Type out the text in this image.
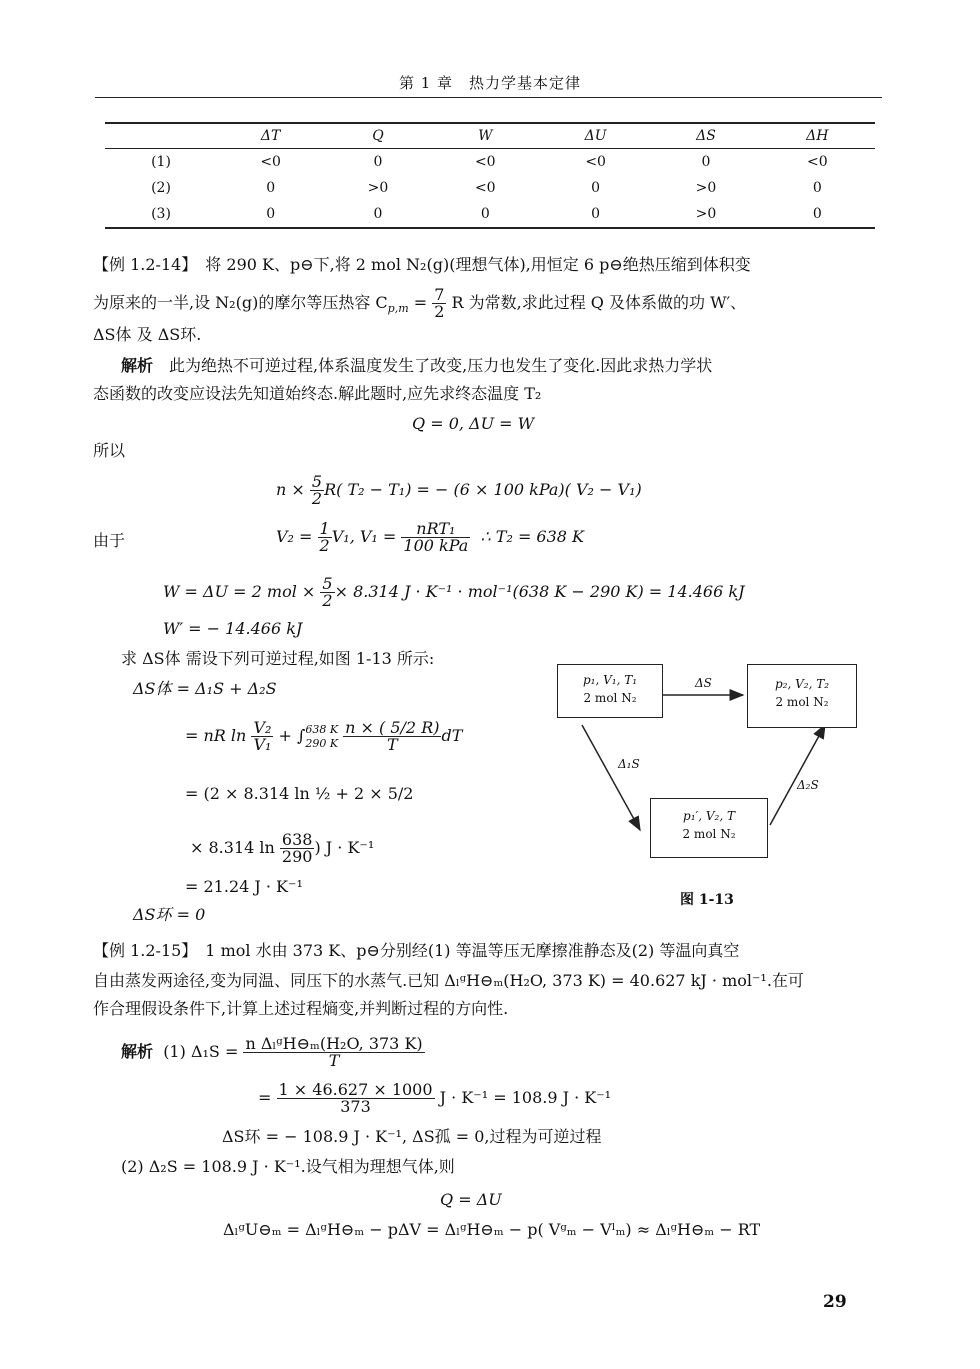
第 1 章　热力学基本定律
	ΔT	Q	W	ΔU	ΔS	ΔH
(1)	<0	0	<0	<0	0	<0
(2)	0	>0	<0	0	>0	0
(3)	0	0	0	0	>0	0
【例 1.2-14】　将 290 K、p⊖下,将 2 mol N₂(g)(理想气体),用恒定 6 p⊖绝热压缩到体积变
为原来的一半,设 N₂(g)的摩尔等压热容 $C_{p,m} = \frac{7}{2}$ R 为常数,求此过程 Q 及体系做的功 W′、
ΔS体 及 ΔS环.
解析　此为绝热不可逆过程,体系温度发生了改变,压力也发生了变化.因此求热力学状
态函数的改变应设法先知道始终态.解此题时,应先求终态温度 T₂
Q = 0, ΔU = W
所以
$n \times \frac{5}{2} R$( T₂ − T₁) = − (6 × 100 kPa)( V₂ − V₁)
由于	$V_2 = \frac{1}{2} V_1$, $V_1 = \frac{\text{nRT₁}}{\text{100 kPa}}$ ∴ T₂ = 638 K
W = ΔU = 2 mol × $\frac{5}{2} \times 8.314$ J · K⁻¹ · mol⁻¹(638 K − 290 K) = 14.466 kJ
W′ = − 14.466 kJ
求 ΔS体 需设下列可逆过程,如图 1-13 所示:
ΔS体 = Δ₁S + Δ₂S
= nR $\ln \frac{\text{V₂}}{\text{V₁}}$ + ∫ 638 K
290 K
$\frac{n \times ( 5/2 R)}{T}$ dT
= (2 × 8.314 ln ½ + 2 × 5/2
× 8.314 $\ln \frac{638}{290}$ ) J · K⁻¹
= 21.24 J · K⁻¹
ΔS环 = 0
p₁, V₁, T₁
2 mol N₂
p₂, V₂, T₂
2 mol N₂
p₁′, V₂, T
2 mol N₂
ΔS
Δ₁S
Δ₂S
图 1-13
【例 1.2-15】　1 mol 水由 373 K、p⊖分别经(1) 等温等压无摩擦准静态及(2) 等温向真空
自由蒸发两途径,变为同温、同压下的水蒸气.已知 ΔₗᵍH⊖ₘ(H₂O, 373 K) = 40.627 kJ · mol⁻¹.在可
作合理假设条件下,计算上述过程熵变,并判断过程的方向性.
解析 (1) $\Delta_1S = \frac{\text{n ΔₗᵍH⊖ₘ(H₂O, 373 K)}}{T}$
= $\frac{1 \times 46.627 \times 1000}{373}$ J · K⁻¹ = 108.9 J · K⁻¹
ΔS环 = − 108.9 J · K⁻¹, ΔS孤 = 0,过程为可逆过程
(2) Δ₂S = 108.9 J · K⁻¹.设气相为理想气体,则
Q = ΔU
ΔₗᵍU⊖ₘ = ΔₗᵍH⊖ₘ − pΔV = ΔₗᵍH⊖ₘ − p( Vᵍₘ − Vˡₘ) ≈ ΔₗᵍH⊖ₘ − RT
29
